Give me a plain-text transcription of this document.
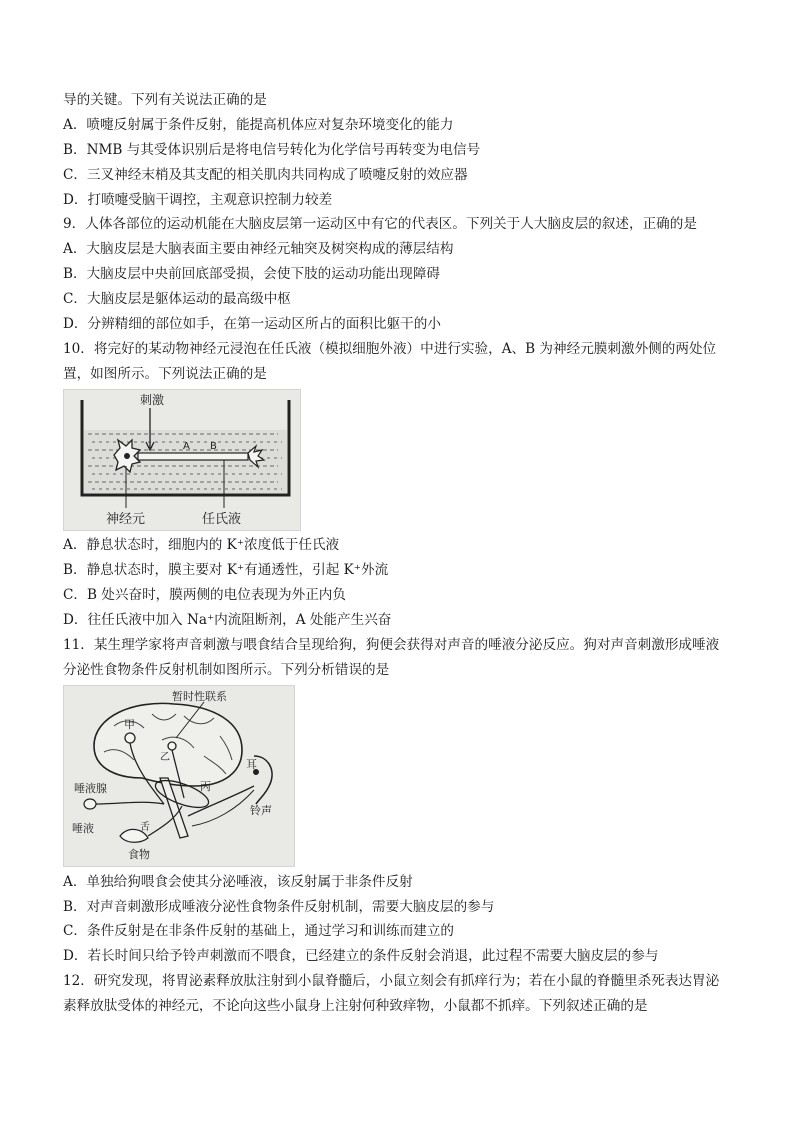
导的关键。下列有关说法正确的是
A．喷嚏反射属于条件反射，能提高机体应对复杂环境变化的能力
B．NMB 与其受体识别后是将电信号转化为化学信号再转变为电信号
C．三叉神经末梢及其支配的相关肌肉共同构成了喷嚏反射的效应器
D．打喷嚏受脑干调控，主观意识控制力较差
9．人体各部位的运动机能在大脑皮层第一运动区中有它的代表区。下列关于人大脑皮层的叙述，正确的是
A．大脑皮层是大脑表面主要由神经元轴突及树突构成的薄层结构
B．大脑皮层中央前回底部受损，会使下肢的运动功能出现障碍
C．大脑皮层是躯体运动的最高级中枢
D．分辨精细的部位如手，在第一运动区所占的面积比躯干的小
10．将完好的某动物神经元浸泡在任氏液（模拟细胞外液）中进行实验，A、B 为神经元膜刺激外侧的两处位
置，如图所示。下列说法正确的是
刺激
A B
神经元	任氏液
A．静息状态时，细胞内的 K⁺浓度低于任氏液
B．静息状态时，膜主要对 K⁺有通透性，引起 K⁺外流
C．B 处兴奋时，膜两侧的电位表现为外正内负
D．往任氏液中加入 Na⁺内流阻断剂，A 处能产生兴奋
11．某生理学家将声音刺激与喂食结合呈现给狗，狗便会获得对声音的唾液分泌反应。狗对声音刺激形成唾液
分泌性食物条件反射机制如图所示。下列分析错误的是
暂时性联系
甲
乙
丙
耳
铃声
唾液腺
唾液	舌
食物
A．单独给狗喂食会使其分泌唾液，该反射属于非条件反射
B．对声音刺激形成唾液分泌性食物条件反射机制，需要大脑皮层的参与
C．条件反射是在非条件反射的基础上，通过学习和训练而建立的
D．若长时间只给予铃声刺激而不喂食，已经建立的条件反射会消退，此过程不需要大脑皮层的参与
12．研究发现，将胃泌素释放肽注射到小鼠脊髓后，小鼠立刻会有抓痒行为；若在小鼠的脊髓里杀死表达胃泌
素释放肽受体的神经元，不论向这些小鼠身上注射何种致痒物，小鼠都不抓痒。下列叙述正确的是
